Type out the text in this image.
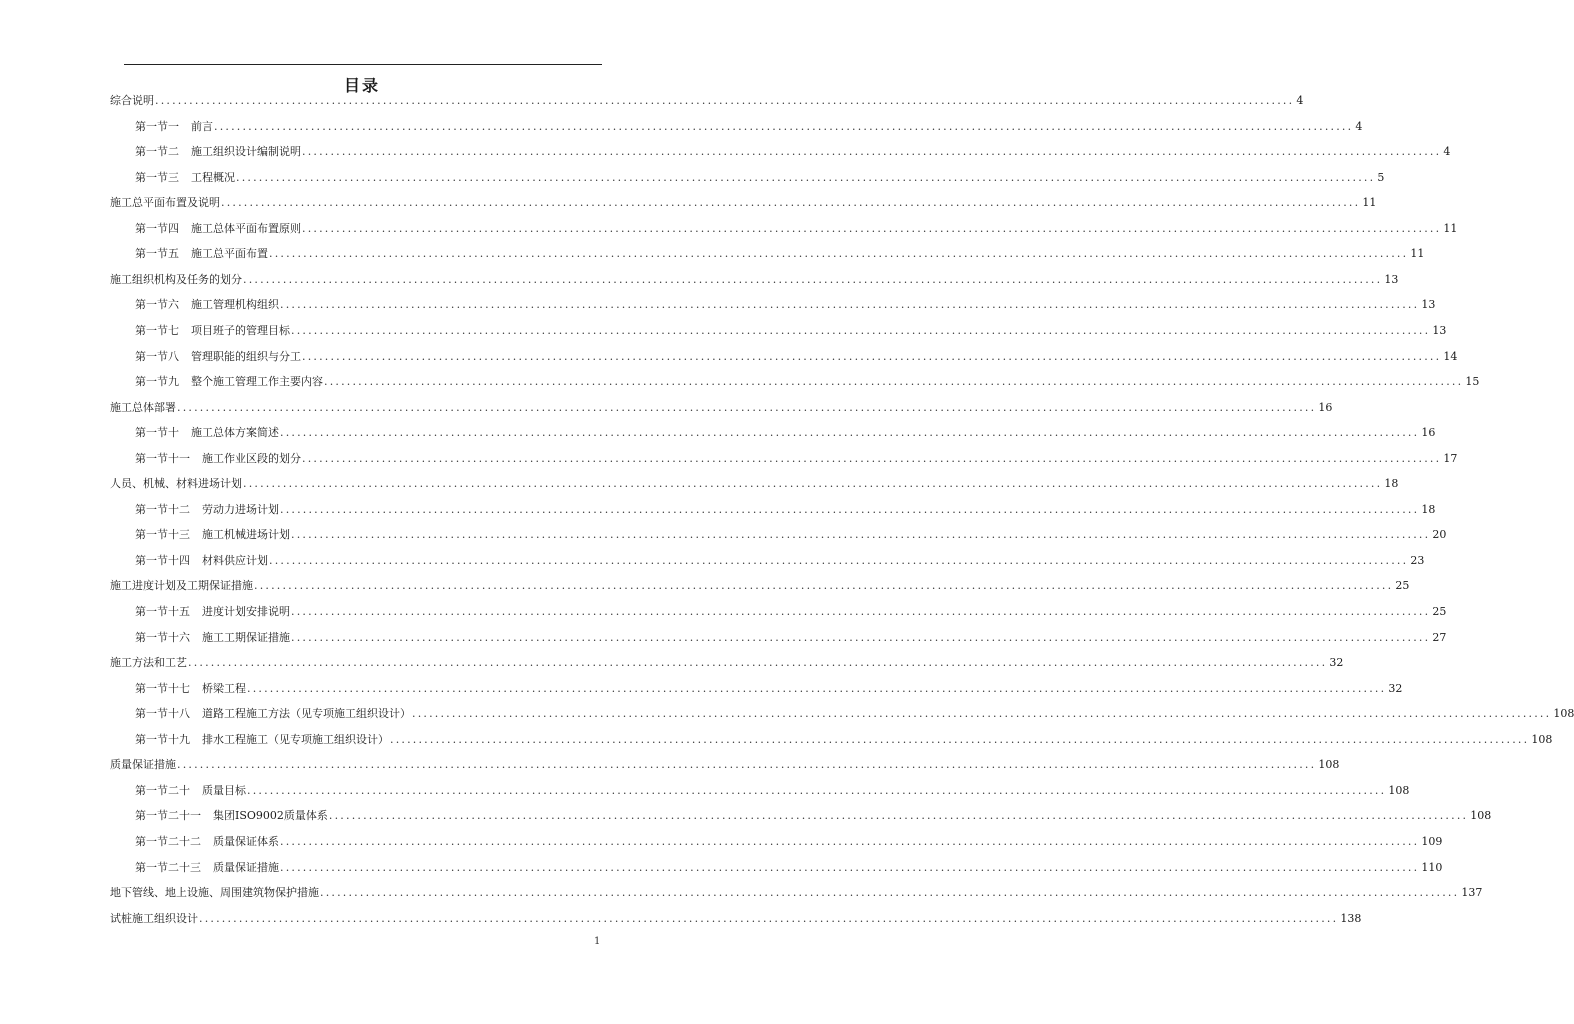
目录
综合说明 ........................................................................................................................................................................................................ 4
第一节一 前言 ........................................................................................................................................................................................................ 4
第一节二 施工组织设计编制说明 ........................................................................................................................................................................................................ 4
第一节三 工程概况 ........................................................................................................................................................................................................ 5
施工总平面布置及说明 ........................................................................................................................................................................................................ 11
第一节四 施工总体平面布置原则 ........................................................................................................................................................................................................ 11
第一节五 施工总平面布置 ........................................................................................................................................................................................................ 11
施工组织机构及任务的划分 ........................................................................................................................................................................................................ 13
第一节六 施工管理机构组织 ........................................................................................................................................................................................................ 13
第一节七 项目班子的管理目标 ........................................................................................................................................................................................................ 13
第一节八 管理职能的组织与分工 ........................................................................................................................................................................................................ 14
第一节九 整个施工管理工作主要内容 ........................................................................................................................................................................................................ 15
施工总体部署 ........................................................................................................................................................................................................ 16
第一节十 施工总体方案简述 ........................................................................................................................................................................................................ 16
第一节十一 施工作业区段的划分 ........................................................................................................................................................................................................ 17
人员、机械、材料进场计划 ........................................................................................................................................................................................................ 18
第一节十二 劳动力进场计划 ........................................................................................................................................................................................................ 18
第一节十三 施工机械进场计划 ........................................................................................................................................................................................................ 20
第一节十四 材料供应计划 ........................................................................................................................................................................................................ 23
施工进度计划及工期保证措施 ........................................................................................................................................................................................................ 25
第一节十五 进度计划安排说明 ........................................................................................................................................................................................................ 25
第一节十六 施工工期保证措施 ........................................................................................................................................................................................................ 27
施工方法和工艺 ........................................................................................................................................................................................................ 32
第一节十七 桥梁工程 ........................................................................................................................................................................................................ 32
第一节十八 道路工程施工方法（见专项施工组织设计） ........................................................................................................................................................................................................ 108
第一节十九 排水工程施工（见专项施工组织设计） ........................................................................................................................................................................................................ 108
质量保证措施 ........................................................................................................................................................................................................ 108
第一节二十 质量目标 ........................................................................................................................................................................................................ 108
第一节二十一 集团ISO9002质量体系 ........................................................................................................................................................................................................ 108
第一节二十二 质量保证体系 ........................................................................................................................................................................................................ 109
第一节二十三 质量保证措施 ........................................................................................................................................................................................................ 110
地下管线、地上设施、周围建筑物保护措施 ........................................................................................................................................................................................................ 137
试桩施工组织设计 ........................................................................................................................................................................................................ 138
1
